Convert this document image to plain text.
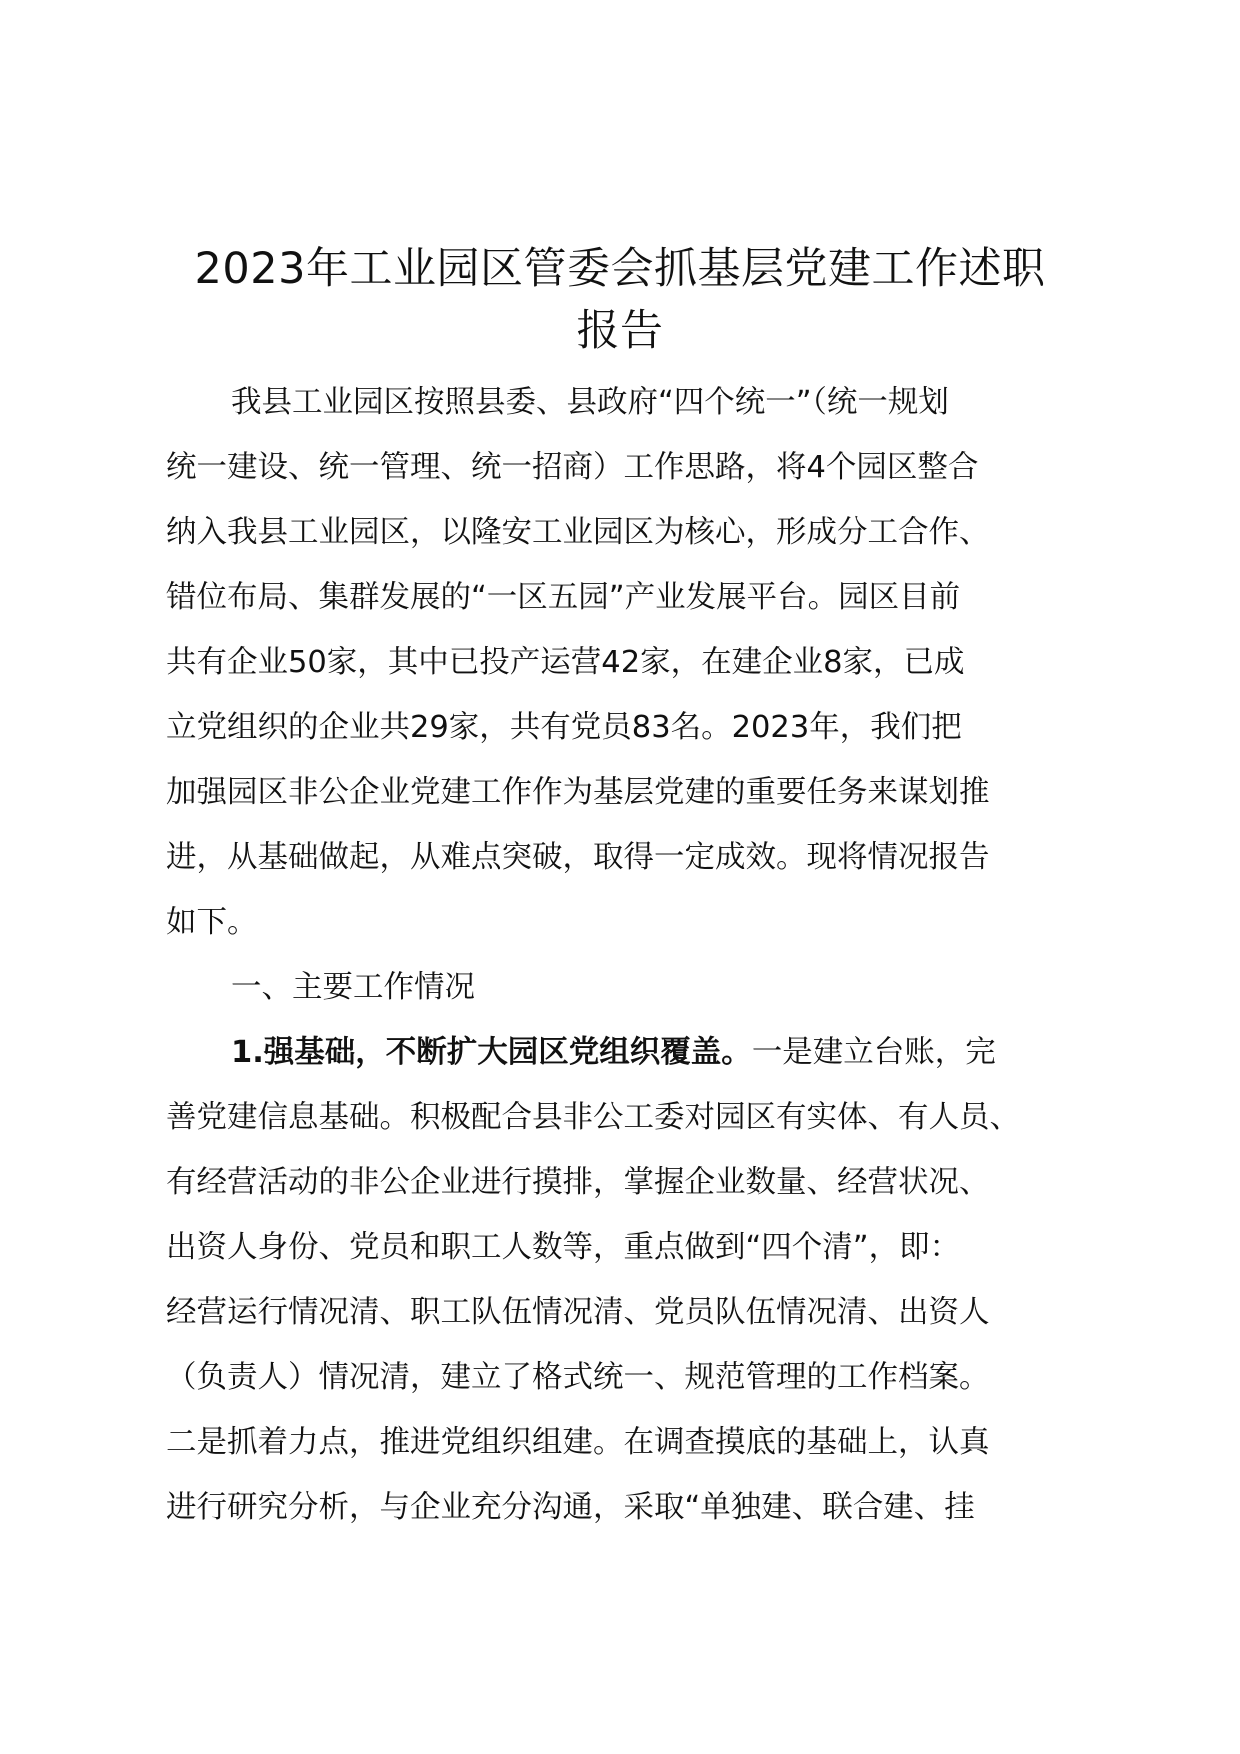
2023年工业园区管委会抓基层党建工作述职
报告
我县工业园区按照县委、县政府“四个统一”（统一规划
统一建设、统一管理、统一招商）工作思路，将4个园区整合
纳入我县工业园区，以隆安工业园区为核心，形成分工合作、
错位布局、集群发展的“一区五园”产业发展平台。园区目前
共有企业50家，其中已投产运营42家，在建企业8家，已成
立党组织的企业共29家，共有党员83名。2023年，我们把
加强园区非公企业党建工作作为基层党建的重要任务来谋划推
进，从基础做起，从难点突破，取得一定成效。现将情况报告
如下。
一、主要工作情况
1.强基础，不断扩大园区党组织覆盖。一是建立台账，完
善党建信息基础。积极配合县非公工委对园区有实体、有人员、
有经营活动的非公企业进行摸排，掌握企业数量、经营状况、
出资人身份、党员和职工人数等，重点做到“四个清”，即：
经营运行情况清、职工队伍情况清、党员队伍情况清、出资人
（负责人）情况清，建立了格式统一、规范管理的工作档案。
二是抓着力点，推进党组织组建。在调查摸底的基础上，认真
进行研究分析，与企业充分沟通，采取“单独建、联合建、挂
